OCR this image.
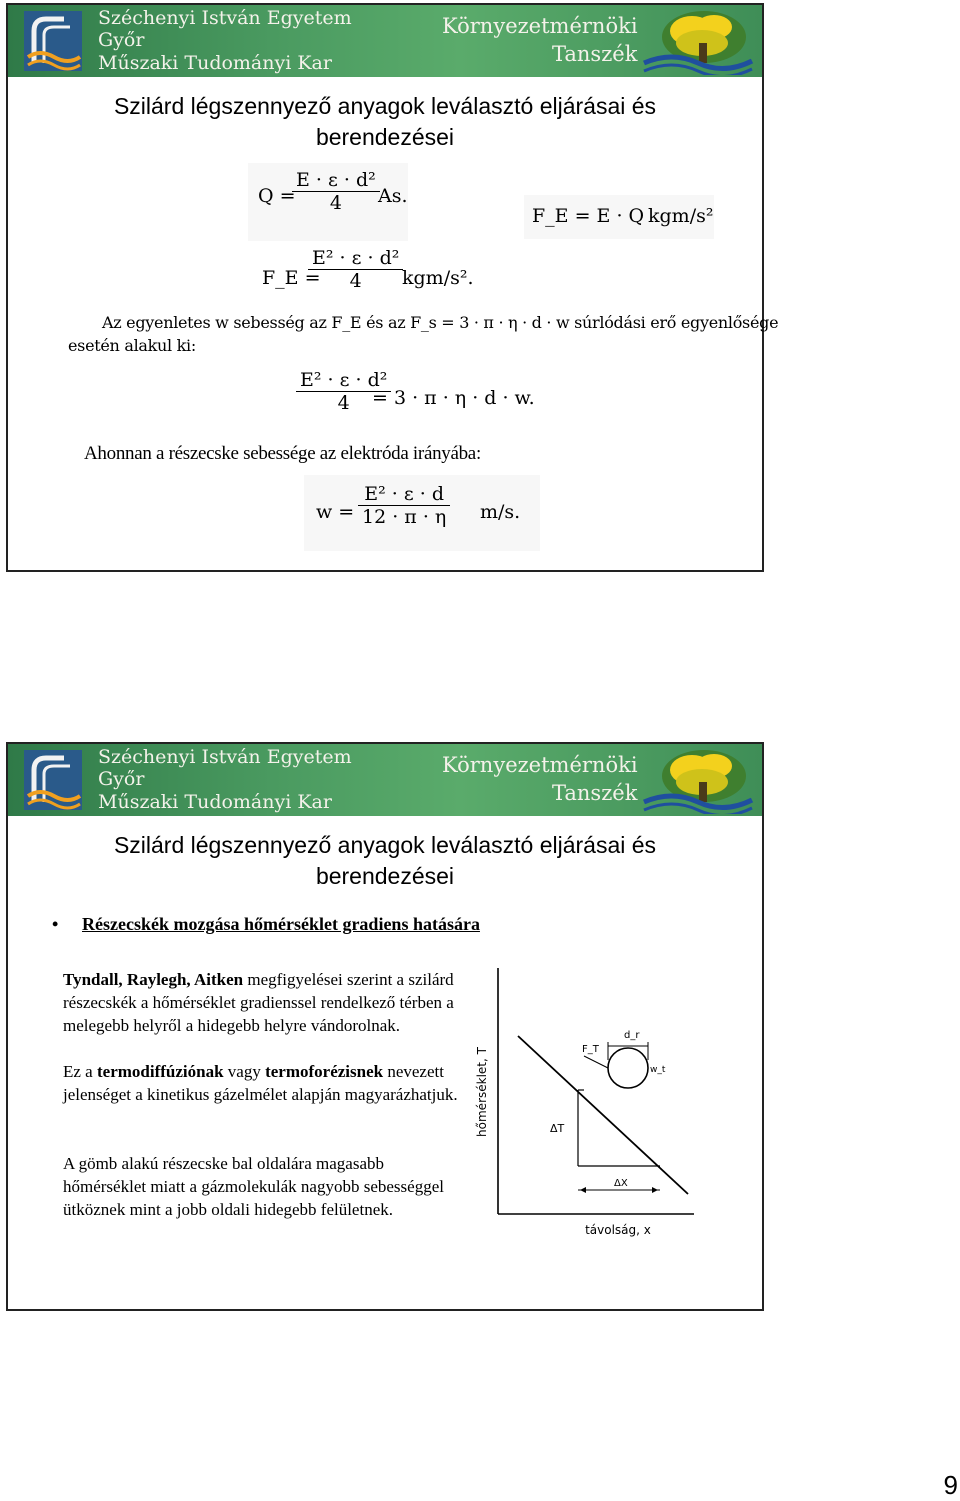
Széchenyi István Egyetem
Győr
Műszaki Tudományi Kar
Környezetmérnöki
Tanszék
Szilárd légszennyező anyagok leválasztó eljárásai és
berendezései
Q =
$\frac{\text{E · ε · d²}}{4}$
As.
F_E = E · Q kgm/s²
F_E =
$\frac{\text{E² · ε · d²}}{4}$
kgm/s².
Az egyenletes w sebesség az F_E és az F_s = 3 · π · η · d · w súrlódási erő egyenlősége
esetén alakul ki:
$\frac{\text{E² · ε · d²}}{4}$
= 3 · π · η · d · w.
Ahonnan a részecske sebessége az elektróda irányába:
$w = \frac{\text{E² · ε · d}}{12 \cdot \pi \cdot \eta} m/s$.
Széchenyi István Egyetem
Győr
Műszaki Tudományi Kar
Környezetmérnöki
Tanszék
Szilárd légszennyező anyagok leválasztó eljárásai és
berendezései
• Részecskék mozgása hőmérséklet gradiens hatására
Tyndall, Raylegh, Aitken megfigyelései szerint a szilárd részecskék a hőmérséklet gradienssel rendelkező térben a melegebb helyről a hidegebb helyre vándorolnak.
Ez a termodiffúziónak vagy termoforézisnek nevezett jelenséget a kinetikus gázelmélet alapján magyarázhatjuk.
A gömb alakú részecske bal oldalára magasabb hőmérséklet miatt a gázmolekulák nagyobb sebességgel ütköznek mint a jobb oldali hidegebb felületnek.
hőmérséklet, T
távolság, x
ΔT
ΔX
F_T
d_r
w_t
9
